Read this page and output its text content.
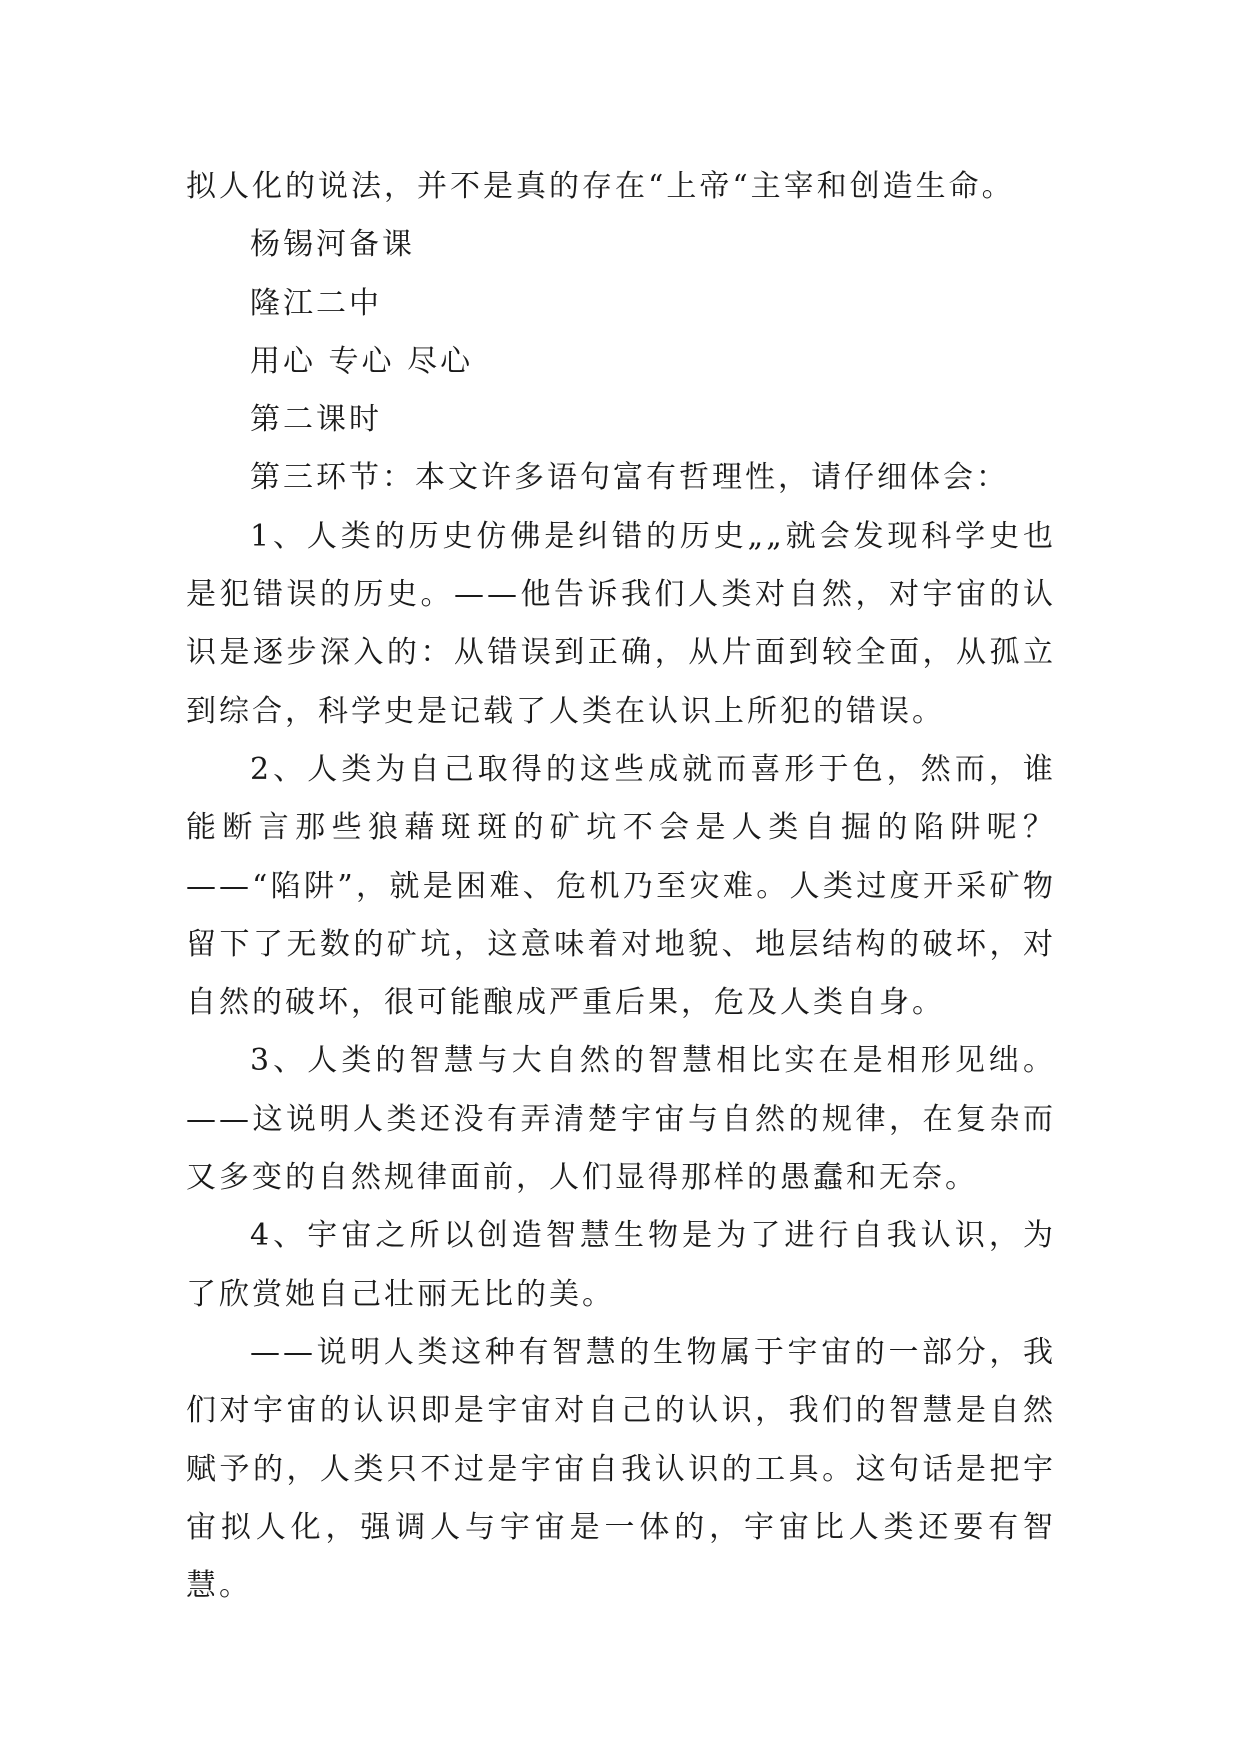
拟人化的说法，并不是真的存在“上帝“主宰和创造生命。

杨锡河备课

隆江二中

用心 专心 尽心

第二课时

第三环节：本文许多语句富有哲理性，请仔细体会：

1、人类的历史仿佛是纠错的历史„„就会发现科学史也是犯错误的历史。——他告诉我们人类对自然，对宇宙的认识是逐步深入的：从错误到正确，从片面到较全面，从孤立到综合，科学史是记载了人类在认识上所犯的错误。

2、人类为自己取得的这些成就而喜形于色，然而，谁能断言那些狼藉斑斑的矿坑不会是人类自掘的陷阱呢？——“陷阱”，就是困难、危机乃至灾难。人类过度开采矿物留下了无数的矿坑，这意味着对地貌、地层结构的破坏，对自然的破坏，很可能酿成严重后果，危及人类自身。

3、人类的智慧与大自然的智慧相比实在是相形见绌。——这说明人类还没有弄清楚宇宙与自然的规律，在复杂而又多变的自然规律面前，人们显得那样的愚蠢和无奈。

4、宇宙之所以创造智慧生物是为了进行自我认识，为了欣赏她自己壮丽无比的美。

——说明人类这种有智慧的生物属于宇宙的一部分，我们对宇宙的认识即是宇宙对自己的认识，我们的智慧是自然赋予的，人类只不过是宇宙自我认识的工具。这句话是把宇宙拟人化，强调人与宇宙是一体的，宇宙比人类还要有智慧。
